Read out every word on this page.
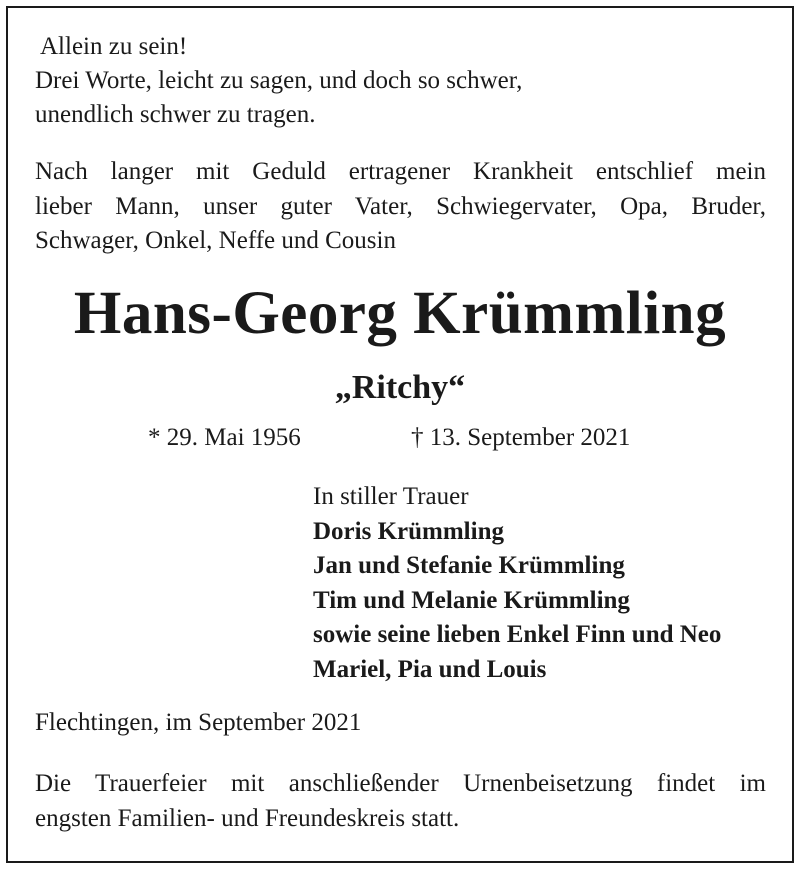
Allein zu sein!
Drei Worte, leicht zu sagen, und doch so schwer,
unendlich schwer zu tragen.
Nach langer mit Geduld ertragener Krankheit entschlief mein
lieber Mann, unser guter Vater, Schwiegervater, Opa, Bruder,
Schwager, Onkel, Neffe und Cousin
Hans-Georg Krümmling
„Ritchy“
* 29. Mai 1956	† 13. September 2021
In stiller Trauer
Doris Krümmling
Jan und Stefanie Krümmling
Tim und Melanie Krümmling
sowie seine lieben Enkel Finn und Neo
Mariel, Pia und Louis
Flechtingen, im September 2021
Die Trauerfeier mit anschließender Urnenbeisetzung findet im
engsten Familien- und Freundeskreis statt.
